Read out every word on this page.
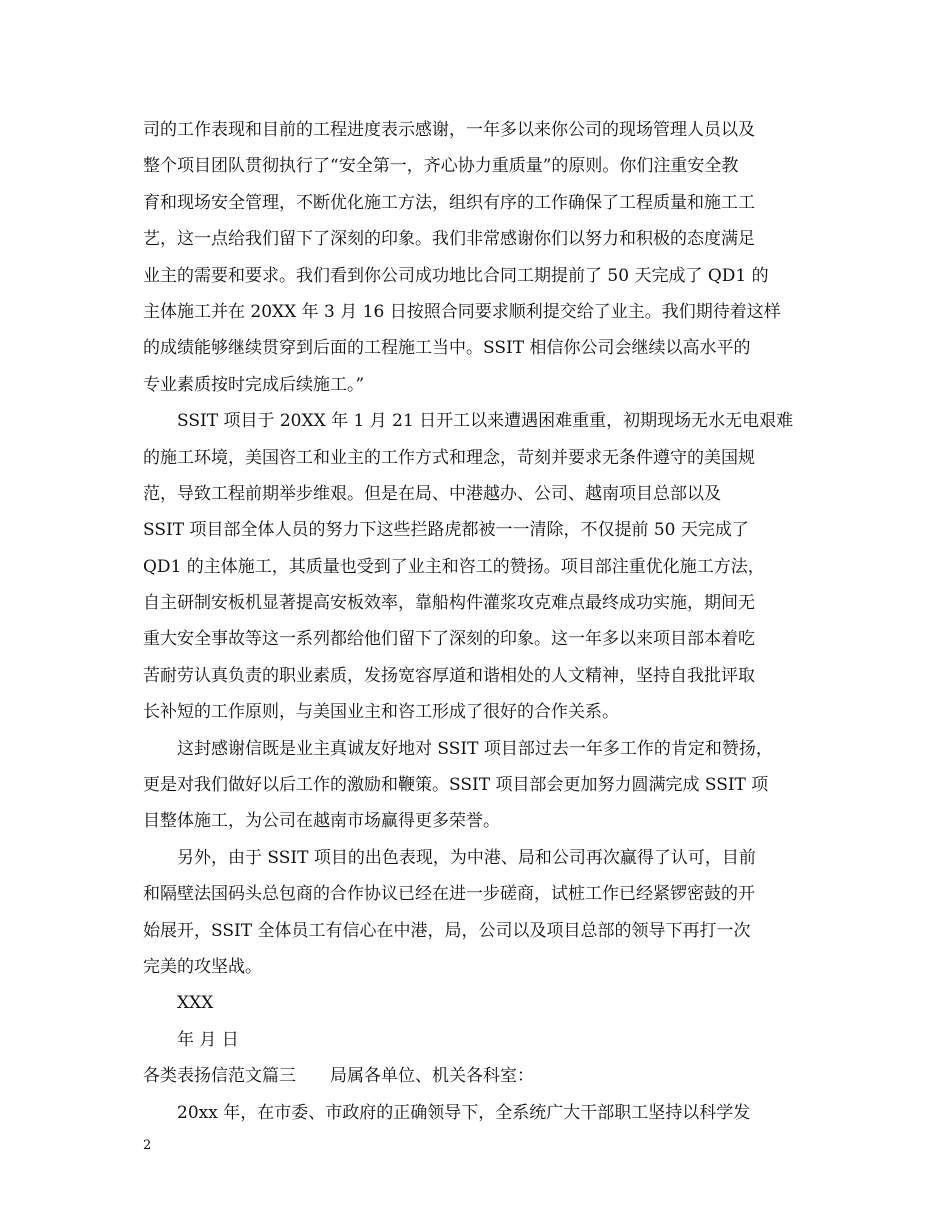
司的工作表现和目前的工程进度表示感谢，一年多以来你公司的现场管理人员以及
整个项目团队贯彻执行了“安全第一，齐心协力重质量”的原则。你们注重安全教
育和现场安全管理，不断优化施工方法，组织有序的工作确保了工程质量和施工工
艺，这一点给我们留下了深刻的印象。我们非常感谢你们以努力和积极的态度满足
业主的需要和要求。我们看到你公司成功地比合同工期提前了 50 天完成了 QD1 的
主体施工并在 20XX 年 3 月 16 日按照合同要求顺利提交给了业主。我们期待着这样
的成绩能够继续贯穿到后面的工程施工当中。SSIT 相信你公司会继续以高水平的
专业素质按时完成后续施工。”
SSIT 项目于 20XX 年 1 月 21 日开工以来遭遇困难重重，初期现场无水无电艰难
的施工环境，美国咨工和业主的工作方式和理念，苛刻并要求无条件遵守的美国规
范，导致工程前期举步维艰。但是在局、中港越办、公司、越南项目总部以及
SSIT 项目部全体人员的努力下这些拦路虎都被一一清除，不仅提前 50 天完成了
QD1 的主体施工，其质量也受到了业主和咨工的赞扬。项目部注重优化施工方法，
自主研制安板机显著提高安板效率，靠船构件灌浆攻克难点最终成功实施，期间无
重大安全事故等这一系列都给他们留下了深刻的印象。这一年多以来项目部本着吃
苦耐劳认真负责的职业素质，发扬宽容厚道和谐相处的人文精神，坚持自我批评取
长补短的工作原则，与美国业主和咨工形成了很好的合作关系。
这封感谢信既是业主真诚友好地对 SSIT 项目部过去一年多工作的肯定和赞扬，
更是对我们做好以后工作的激励和鞭策。SSIT 项目部会更加努力圆满完成 SSIT 项
目整体施工，为公司在越南市场赢得更多荣誉。
另外，由于 SSIT 项目的出色表现，为中港、局和公司再次赢得了认可，目前
和隔壁法国码头总包商的合作协议已经在进一步磋商，试桩工作已经紧锣密鼓的开
始展开，SSIT 全体员工有信心在中港，局，公司以及项目总部的领导下再打一次
完美的攻坚战。
XXX
年 月 日
各类表扬信范文篇三　　局属各单位、机关各科室：
20xx 年，在市委、市政府的正确领导下，全系统广大干部职工坚持以科学发
2
